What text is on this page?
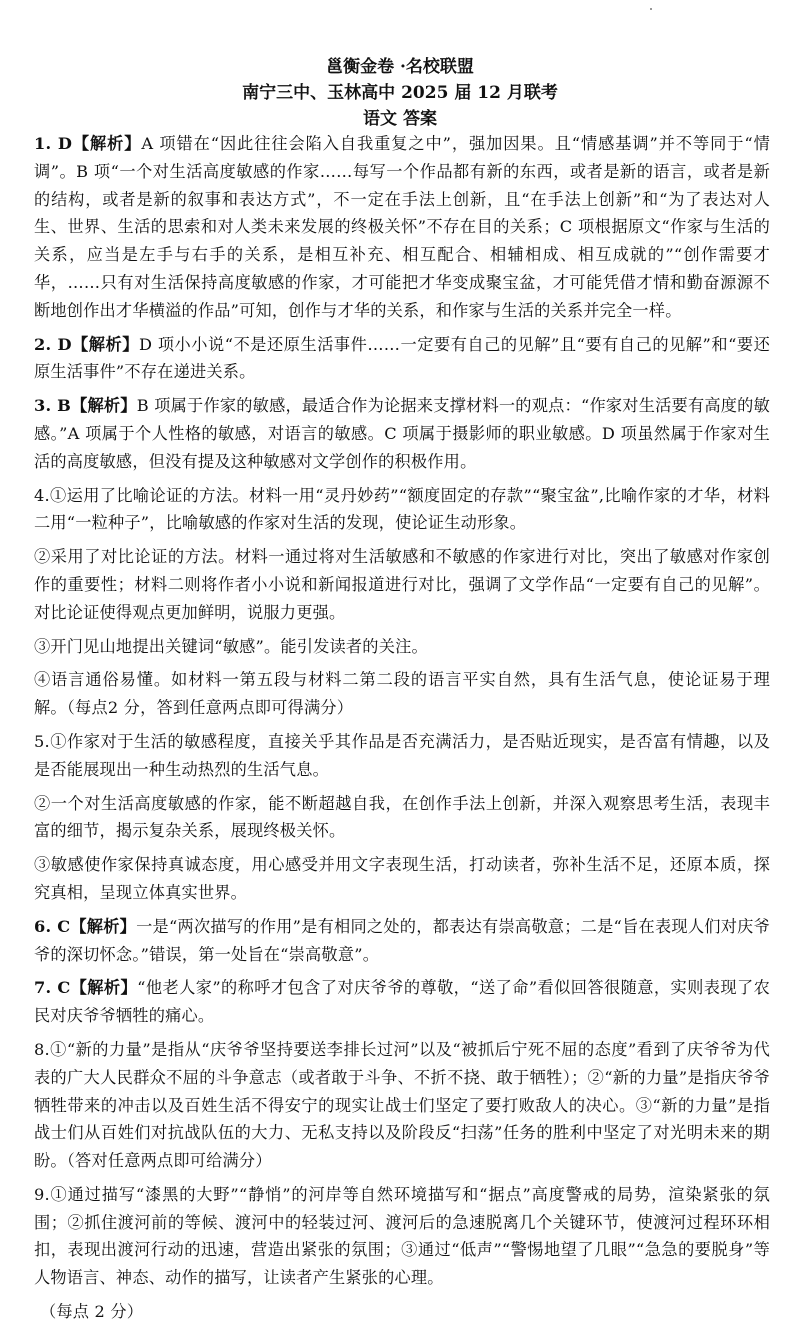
邕衡金卷 ·名校联盟
南宁三中、玉林高中 2025 届 12 月联考
语文 答案

1. D【解析】A 项错在“因此往往会陷入自我重复之中”，强加因果。且“情感基调”并不等同于“情调”。B 项“一个对生活高度敏感的作家……每写一个作品都有新的东西，或者是新的语言，或者是新的结构，或者是新的叙事和表达方式”，不一定在手法上创新，且“在手法上创新”和“为了表达对人生、世界、生活的思索和对人类未来发展的终极关怀”不存在目的关系；C 项根据原文“作家与生活的关系，应当是左手与右手的关系，是相互补充、相互配合、相辅相成、相互成就的”“创作需要才华，……只有对生活保持高度敏感的作家，才可能把才华变成聚宝盆，才可能凭借才情和勤奋源源不断地创作出才华横溢的作品”可知，创作与才华的关系，和作家与生活的关系并完全一样。

2. D【解析】D 项小小说“不是还原生活事件……一定要有自己的见解”且“要有自己的见解”和“要还原生活事件”不存在递进关系。

3. B【解析】B 项属于作家的敏感，最适合作为论据来支撑材料一的观点：“作家对生活要有高度的敏感。”A 项属于个人性格的敏感，对语言的敏感。C 项属于摄影师的职业敏感。D 项虽然属于作家对生活的高度敏感，但没有提及这种敏感对文学创作的积极作用。

4.①运用了比喻论证的方法。材料一用“灵丹妙药”“额度固定的存款”“聚宝盆”,比喻作家的才华，材料二用“一粒种子”，比喻敏感的作家对生活的发现，使论证生动形象。

②采用了对比论证的方法。材料一通过将对生活敏感和不敏感的作家进行对比，突出了敏感对作家创作的重要性；材料二则将作者小小说和新闻报道进行对比，强调了文学作品“一定要有自己的见解”。对比论证使得观点更加鲜明，说服力更强。

③开门见山地提出关键词“敏感”。能引发读者的关注。

④语言通俗易懂。如材料一第五段与材料二第二段的语言平实自然，具有生活气息，使论证易于理解。（每点2 分，答到任意两点即可得满分）

5.①作家对于生活的敏感程度，直接关乎其作品是否充满活力，是否贴近现实，是否富有情趣，以及是否能展现出一种生动热烈的生活气息。

②一个对生活高度敏感的作家，能不断超越自我，在创作手法上创新，并深入观察思考生活，表现丰富的细节，揭示复杂关系，展现终极关怀。

③敏感使作家保持真诚态度，用心感受并用文字表现生活，打动读者，弥补生活不足，还原本质，探究真相，呈现立体真实世界。

6. C【解析】一是“两次描写的作用”是有相同之处的，都表达有崇高敬意；二是“旨在表现人们对庆爷爷的深切怀念。”错误，第一处旨在“崇高敬意”。

7. C【解析】“他老人家”的称呼才包含了对庆爷爷的尊敬，“送了命”看似回答很随意，实则表现了农民对庆爷爷牺牲的痛心。

8.①“新的力量”是指从“庆爷爷坚持要送李排长过河”以及“被抓后宁死不屈的态度”看到了庆爷爷为代表的广大人民群众不屈的斗争意志（或者敢于斗争、不折不挠、敢于牺牲）；②“新的力量”是指庆爷爷牺牲带来的冲击以及百姓生活不得安宁的现实让战士们坚定了要打败敌人的决心。③“新的力量”是指战士们从百姓们对抗战队伍的大力、无私支持以及阶段反“扫荡”任务的胜利中坚定了对光明未来的期盼。（答对任意两点即可给满分）

9.①通过描写“漆黑的大野”“静悄”的河岸等自然环境描写和“据点”高度警戒的局势，渲染紧张的氛围；②抓住渡河前的等候、渡河中的轻装过河、渡河后的急速脱离几个关键环节，使渡河过程环环相扣，表现出渡河行动的迅速，营造出紧张的氛围；③通过“低声”“警惕地望了几眼”“急急的要脱身”等人物语言、神态、动作的描写，让读者产生紧张的心理。

（每点 2 分）
